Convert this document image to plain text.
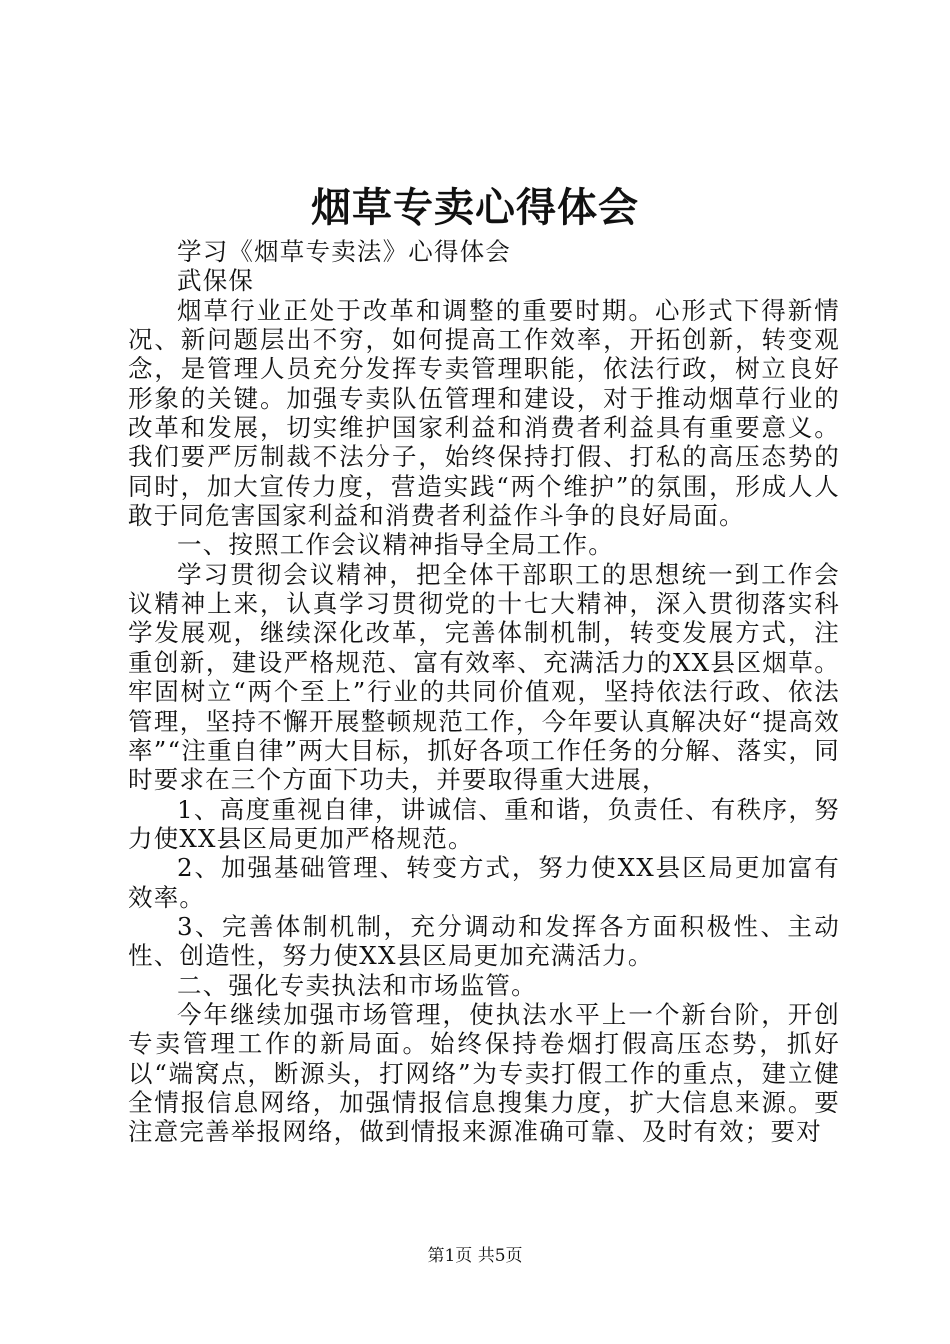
烟草专卖心得体会

学习《烟草专卖法》心得体会

武保保

烟草行业正处于改革和调整的重要时期。心形式下得新情况、新问题层出不穷，如何提高工作效率，开拓创新，转变观念，是管理人员充分发挥专卖管理职能，依法行政，树立良好形象的关键。加强专卖队伍管理和建设，对于推动烟草行业的改革和发展，切实维护国家利益和消费者利益具有重要意义。我们要严厉制裁不法分子，始终保持打假、打私的高压态势的同时，加大宣传力度，营造实践“两个维护”的氛围，形成人人敢于同危害国家利益和消费者利益作斗争的良好局面。

一、按照工作会议精神指导全局工作。

学习贯彻会议精神，把全体干部职工的思想统一到工作会议精神上来，认真学习贯彻党的十七大精神，深入贯彻落实科学发展观，继续深化改革，完善体制机制，转变发展方式，注重创新，建设严格规范、富有效率、充满活力的XX县区烟草。牢固树立“两个至上”行业的共同价值观，坚持依法行政、依法管理，坚持不懈开展整顿规范工作，今年要认真解决好“提高效率”“注重自律”两大目标，抓好各项工作任务的分解、落实，同时要求在三个方面下功夫，并要取得重大进展，

1、高度重视自律，讲诚信、重和谐，负责任、有秩序，努力使XX县区局更加严格规范。

2、加强基础管理、转变方式，努力使XX县区局更加富有效率。

3、完善体制机制，充分调动和发挥各方面积极性、主动性、创造性，努力使XX县区局更加充满活力。

二、强化专卖执法和市场监管。

今年继续加强市场管理，使执法水平上一个新台阶，开创专卖管理工作的新局面。始终保持卷烟打假高压态势，抓好以“端窝点，断源头，打网络”为专卖打假工作的重点，建立健全情报信息网络，加强情报信息搜集力度，扩大信息来源。要注意完善举报网络，做到情报来源准确可靠、及时有效；要对

第1页 共5页
